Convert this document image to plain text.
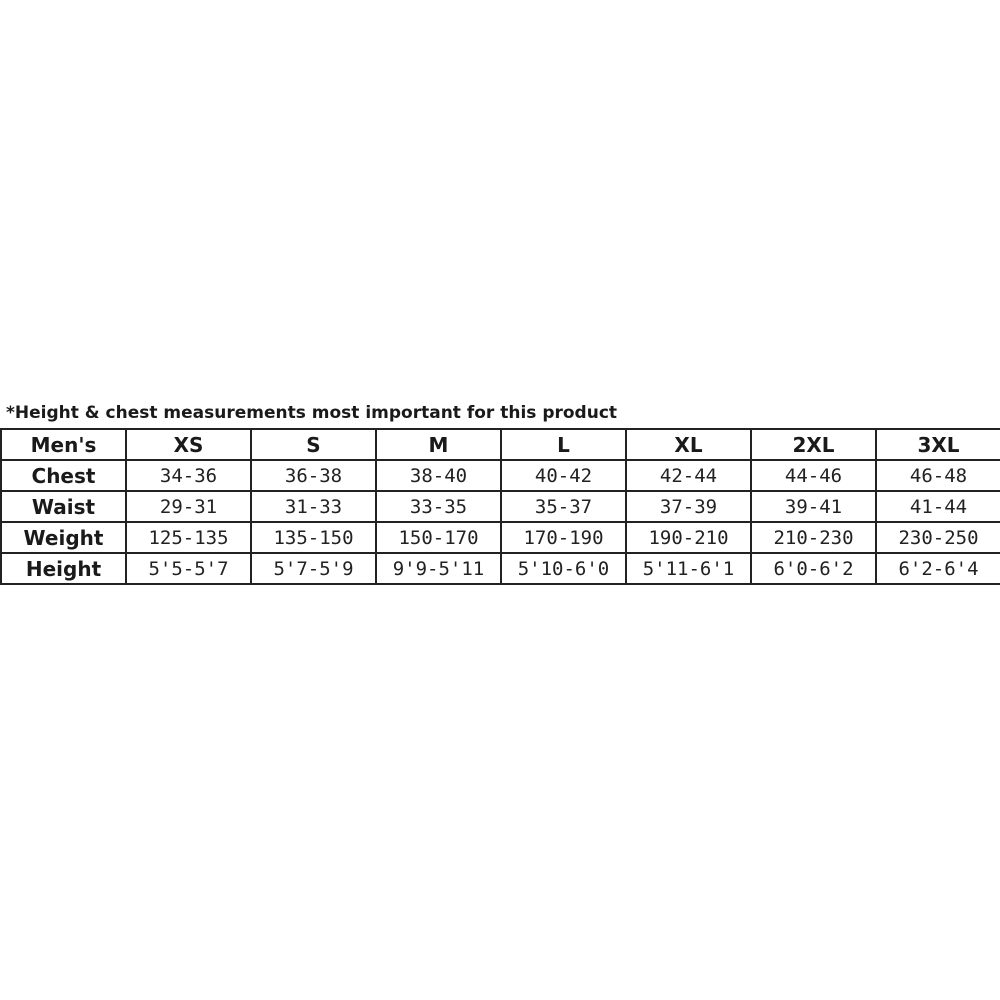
*Height & chest measurements most important for this product
Men's	XS	S	M	L	XL	2XL	3XL
Chest	34-36	36-38	38-40	40-42	42-44	44-46	46-48
Waist	29-31	31-33	33-35	35-37	37-39	39-41	41-44
Weight	125-135	135-150	150-170	170-190	190-210	210-230	230-250
Height	5'5-5'7	5'7-5'9	9'9-5'11	5'10-6'0	5'11-6'1	6'0-6'2	6'2-6'4
